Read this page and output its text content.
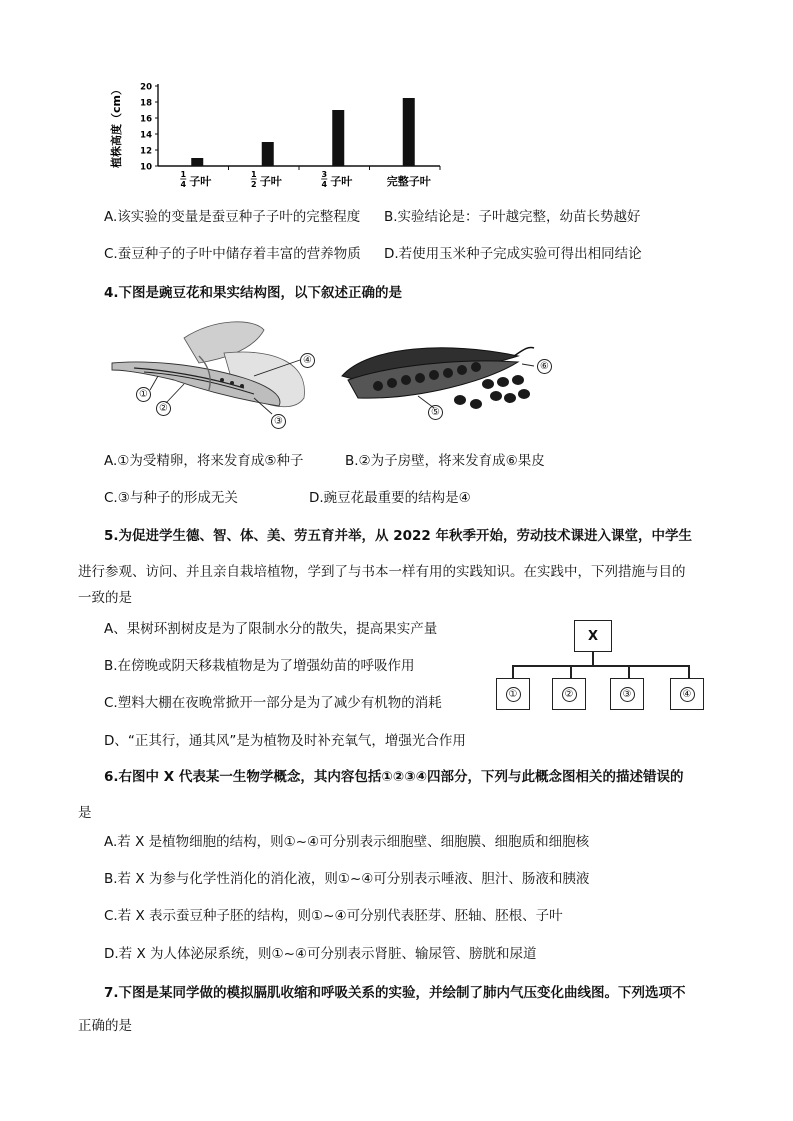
植株高度（cm） 20
18
16
14
12
10
1
4 子叶
1
2 子叶
3
4 子叶	完整子叶
A.该实验的变量是蚕豆种子子叶的完整程度 B.实验结论是：子叶越完整，幼苗长势越好
C.蚕豆种子的子叶中储存着丰富的营养物质 D.若使用玉米种子完成实验可得出相同结论
4.下图是豌豆花和果实结构图，以下叙述正确的是
④
①
②
③
⑥
⑤
A.①为受精卵，将来发育成⑤种子	B.②为子房壁，将来发育成⑥果皮
C.③与种子的形成无关	D.豌豆花最重要的结构是④
5.为促进学生德、智、体、美、劳五育并举，从 2022 年秋季开始，劳动技术课进入课堂，中学生
进行参观、访问、并且亲自栽培植物，学到了与书本一样有用的实践知识。在实践中，下列措施与目的
一致的是
A、果树环割树皮是为了限制水分的散失，提高果实产量
B.在傍晚或阴天移栽植物是为了增强幼苗的呼吸作用
C.塑料大棚在夜晚常掀开一部分是为了减少有机物的消耗
D、“正其行，通其风”是为植物及时补充氧气，增强光合作用
X
①	②	③	④
6.右图中 X 代表某一生物学概念，其内容包括①②③④四部分，下列与此概念图相关的描述错误的
是
A.若 X 是植物细胞的结构，则①~④可分别表示细胞壁、细胞膜、细胞质和细胞核
B.若 X 为参与化学性消化的消化液，则①~④可分别表示唾液、胆汁、肠液和胰液
C.若 X 表示蚕豆种子胚的结构，则①~④可分别代表胚芽、胚轴、胚根、子叶
D.若 X 为人体泌尿系统，则①~④可分别表示肾脏、输尿管、膀胱和尿道
7.下图是某同学做的模拟膈肌收缩和呼吸关系的实验，并绘制了肺内气压变化曲线图。下列选项不
正确的是
